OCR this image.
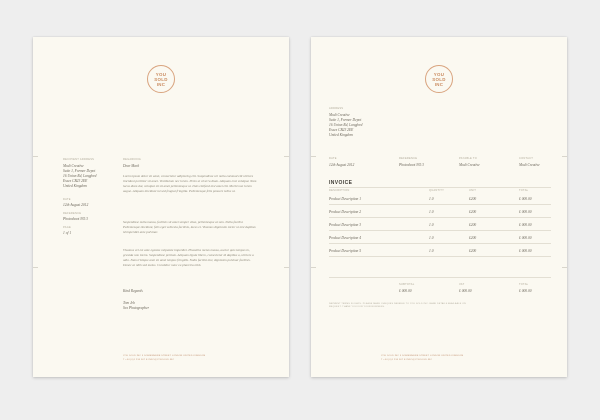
YOU
SOLD
INC
RECIPIENT ADDRESS
Modi Creative
Suite 1, Former Depot
16 Union Rd, Langford
Essex CB23 2EE
United Kingdom
DATE
12th August 2012
REFERENCE
Photoshoot NO.3
PAGE
1 of 1
REGARDING
Dear Mark
Lorem ipsum dolor sit amet, consectetur adipiscing elit. Suspendisse vel nulla euismod elit ultrices tincidunt porttitor sit amet. Vestibulum nec lorem. Proin ut viverra diam. Aliquam erat volutpat. Nam lacus diam dui, volutpat sit sit amet pellentesque ut. Duis eleifend nisl amet elit. Morbi non lorem augue. Aliquam tincidunt mi sed feugiat fringilla. Pellentesque felis posuere tellus ut.
Suspendisse nulla massa, facilisis sit amet semper vitae, pellentesque at sem. Nulla facilisi. Pellentesque tincidunt, felis eget vehicula facilisis, lacus et. Vivamus dignissim tortor ut nisi dapibus id imperdiet ante pulvinar.
Vivamus vel est ante egestas vulputate imperdiet. Phasellus metus massa, auctor quis tempus in, gravida non lorem. Suspendisse pretium. Aliquam ligula libero, consectetur id dapibus a, ultrices a odio. Nam tristique ante sit amet tempus fringilla. Nulla facilisi nisi, dignissim pulvinar facilisis. Donec at nibh sed metus. Curabitur nunc eu pharetra nibh.
Kind Regards
Tom Jeb
Sex Photographer
YOU SOLD INC 5 SOMEWHERE STREET LONDON UNITED KINGDOM
T +44 (0)1 234 567 E INFO@YOUSOLD.INC
YOU
SOLD
INC
ADDRESS
Modi Creative
Suite 1, Former Depot
16 Union Rd, Langford
Essex CB23 2EE
United Kingdom
DATE	REFERENCE	PAYABLE TO	CONTACT
12th August 2012	Photoshoot NO.3	Modi Creative	Modi Creative
INVOICE
DESCRIPTION	QUANTITY	UNIT	TOTAL
SUBTOTAL	VAT	TOTAL
£ 000.00	£ 000.00	£ 000.00
PAYMENT TERMS 30 DAYS. PLEASE MAKE CHEQUES PAYABLE TO YOU SOLD INC. BANK DETAILS AVAILABLE ON REQUEST. THANK YOU FOR YOUR BUSINESS.
YOU SOLD INC 5 SOMEWHERE STREET LONDON UNITED KINGDOM
T +44 (0)1 234 567 E INFO@YOUSOLD.INC
Product Description 1	1.0	£200	£ 000.00
Product Description 2	1.0	£200	£ 000.00
Product Description 3	1.0	£200	£ 000.00
Product Description 4	1.0	£200	£ 000.00
Product Description 5	1.0	£200	£ 000.00
